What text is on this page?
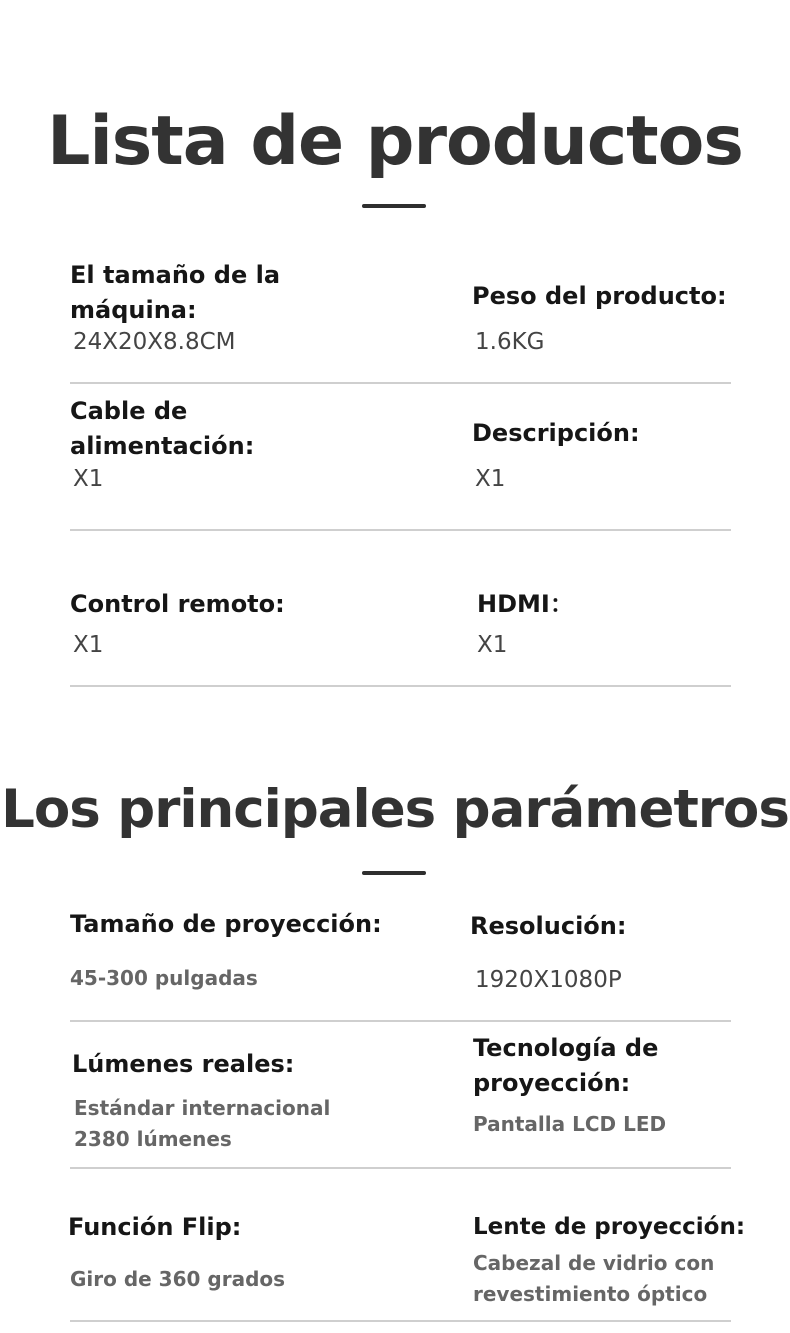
Lista de productos
El tamaño de la máquina:
24X20X8.8CM
Peso del producto:
1.6KG
Cable de alimentación:
X1
Descripción:
X1
Control remoto:
X1
HDMI：
X1
Los principales parámetros
Tamaño de proyección:
45-300 pulgadas
Resolución:
1920X1080P
Lúmenes reales:
Estándar internacional 2380 lúmenes
Tecnología de proyección:
Pantalla LCD LED
Función Flip:
Giro de 360 grados
Lente de proyección:
Cabezal de vidrio con revestimiento óptico
